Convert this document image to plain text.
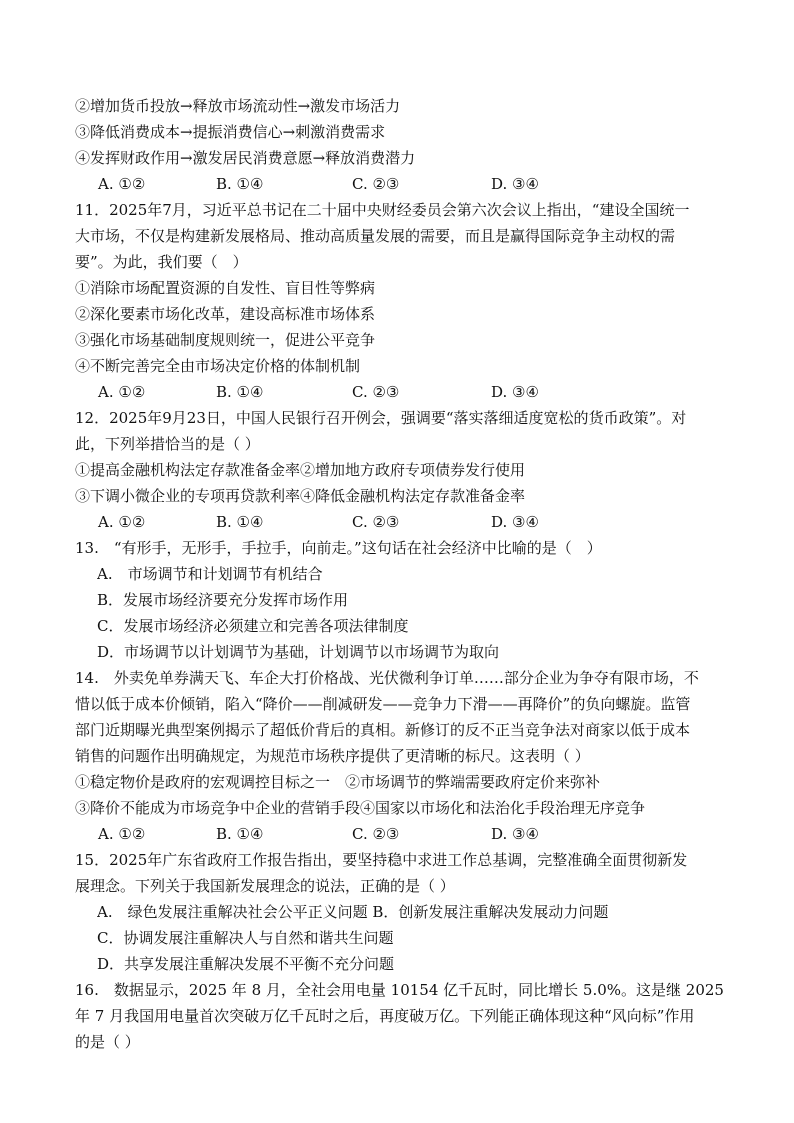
②增加货币投放→释放市场流动性→激发市场活力
③降低消费成本→提振消费信心→刺激消费需求
④发挥财政作用→激发居民消费意愿→释放消费潜力
A. ①②	B. ①④	C. ②③	D. ③④
11．2025年7月，习近平总书记在二十届中央财经委员会第六次会议上指出，“建设全国统一
大市场，不仅是构建新发展格局、推动高质量发展的需要，而且是赢得国际竞争主动权的需
要”。为此，我们要（　）
①消除市场配置资源的自发性、盲目性等弊病
②深化要素市场化改革，建设高标准市场体系
③强化市场基础制度规则统一，促进公平竞争
④不断完善完全由市场决定价格的体制机制
A. ①②	B. ①④	C. ②③	D. ③④
12．2025年9月23日，中国人民银行召开例会，强调要“落实落细适度宽松的货币政策”。对
此，下列举措恰当的是（ ）
①提高金融机构法定存款准备金率②增加地方政府专项债券发行使用
③下调小微企业的专项再贷款利率④降低金融机构法定存款准备金率
A. ①②	B. ①④	C. ②③	D. ③④
13.　“有形手，无形手，手拉手，向前走。”这句话在社会经济中比喻的是（　）
A.　市场调节和计划调节有机结合
B．发展市场经济要充分发挥市场作用
C．发展市场经济必须建立和完善各项法律制度
D．市场调节以计划调节为基础，计划调节以市场调节为取向
14.　外卖免单券满天飞、车企大打价格战、光伏微利争订单……部分企业为争夺有限市场，不
惜以低于成本价倾销，陷入“降价——削减研发——竞争力下滑——再降价”的负向螺旋。监管
部门近期曝光典型案例揭示了超低价背后的真相。新修订的反不正当竞争法对商家以低于成本
销售的问题作出明确规定，为规范市场秩序提供了更清晰的标尺。这表明（ ）
①稳定物价是政府的宏观调控目标之一　②市场调节的弊端需要政府定价来弥补
③降价不能成为市场竞争中企业的营销手段④国家以市场化和法治化手段治理无序竞争
A. ①②	B. ①④	C. ②③	D. ③④
15．2025年广东省政府工作报告指出，要坚持稳中求进工作总基调，完整准确全面贯彻新发
展理念。下列关于我国新发展理念的说法，正确的是（ ）
A.　绿色发展注重解决社会公平正义问题 B．创新发展注重解决发展动力问题
C．协调发展注重解决人与自然和谐共生问题
D．共享发展注重解决发展不平衡不充分问题
16.　数据显示，2025 年 8 月，全社会用电量 10154 亿千瓦时，同比增长 5.0%。这是继 2025
年 7 月我国用电量首次突破万亿千瓦时之后，再度破万亿。下列能正确体现这种“风向标”作用
的是（ ）
